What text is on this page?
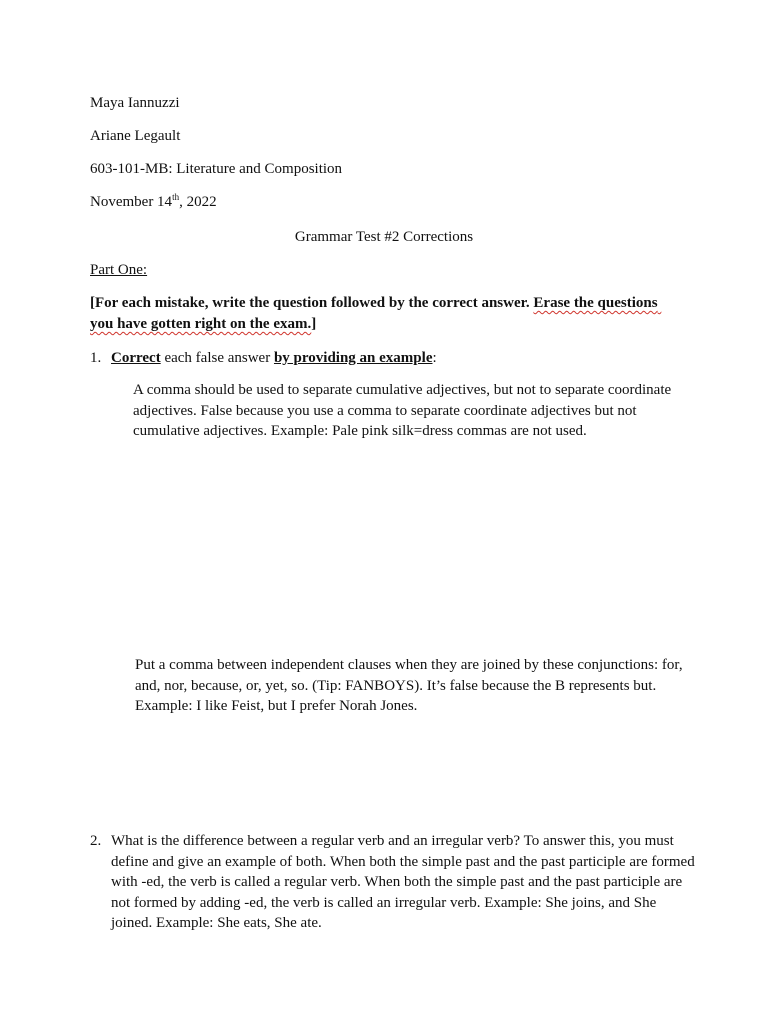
Maya Iannuzzi
Ariane Legault
603-101-MB: Literature and Composition
November 14th, 2022
Grammar Test #2 Corrections
Part One:

[For each mistake, write the question followed by the correct answer. Erase the questions

you have gotten right on the exam.]

1. Correct each false answer by providing an example:

A comma should be used to separate cumulative adjectives, but not to separate coordinate

adjectives. False because you use a comma to separate coordinate adjectives but not

cumulative adjectives. Example: Pale pink silk=dress commas are not used.

Put a comma between independent clauses when they are joined by these conjunctions: for,

and, nor, because, or, yet, so. (Tip: FANBOYS). It’s false because the B represents but.

Example: I like Feist, but I prefer Norah Jones.

2. What is the difference between a regular verb and an irregular verb? To answer this, you must

define and give an example of both. When both the simple past and the past participle are formed

with -ed, the verb is called a regular verb. When both the simple past and the past participle are

not formed by adding -ed, the verb is called an irregular verb. Example: She joins, and She

joined. Example: She eats, She ate.
